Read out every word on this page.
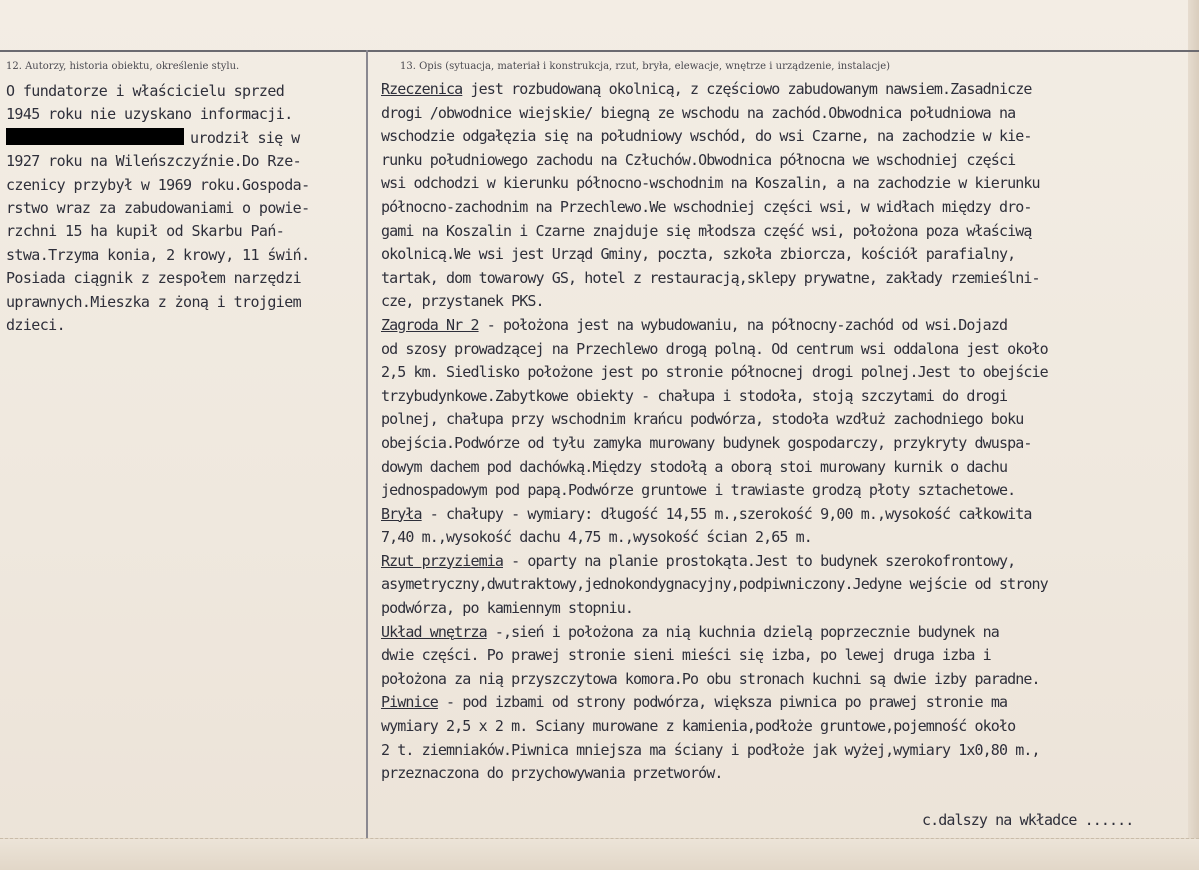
12. Autorzy, historia obiektu, określenie stylu.	13. Opis (sytuacja, materiał i konstrukcja, rzut, bryła, elewacje, wnętrze i urządzenie, instalacje)
O fundatorze i właścicielu sprzed
1945 roku nie uzyskano informacji.
urodził się w
1927 roku na Wileńszczyźnie.Do Rze-
czenicy przybył w 1969 roku.Gospoda-
rstwo wraz za zabudowaniami o powie-
rzchni 15 ha kupił od Skarbu Pań-
stwa.Trzyma konia, 2 krowy, 11 świń.
Posiada ciągnik z zespołem narzędzi
uprawnych.Mieszka z żoną i trojgiem
dzieci.
Rzeczenica jest rozbudowaną okolnicą, z częściowo zabudowanym nawsiem.Zasadnicze
drogi /obwodnice wiejskie/ biegną ze wschodu na zachód.Obwodnica południowa na
wschodzie odgałęzia się na południowy wschód, do wsi Czarne, na zachodzie w kie-
runku południowego zachodu na Człuchów.Obwodnica północna we wschodniej części
wsi odchodzi w kierunku północno-wschodnim na Koszalin, a na zachodzie w kierunku
północno-zachodnim na Przechlewo.We wschodniej części wsi, w widłach między dro-
gami na Koszalin i Czarne znajduje się młodsza część wsi, położona poza właściwą
okolnicą.We wsi jest Urząd Gminy, poczta, szkoła zbiorcza, kościół parafialny,
tartak, dom towarowy GS, hotel z restauracją,sklepy prywatne, zakłady rzemieślni-
cze, przystanek PKS.
Zagroda Nr 2 - położona jest na wybudowaniu, na północny-zachód od wsi.Dojazd
od szosy prowadzącej na Przechlewo drogą polną. Od centrum wsi oddalona jest około
2,5 km. Siedlisko położone jest po stronie północnej drogi polnej.Jest to obejście
trzybudynkowe.Zabytkowe obiekty - chałupa i stodoła, stoją szczytami do drogi
polnej, chałupa przy wschodnim krańcu podwórza, stodoła wzdłuż zachodniego boku
obejścia.Podwórze od tyłu zamyka murowany budynek gospodarczy, przykryty dwuspa-
dowym dachem pod dachówką.Między stodołą a oborą stoi murowany kurnik o dachu
jednospadowym pod papą.Podwórze gruntowe i trawiaste grodzą płoty sztachetowe.
Bryła - chałupy - wymiary: długość 14,55 m.,szerokość 9,00 m.,wysokość całkowita
7,40 m.,wysokość dachu 4,75 m.,wysokość ścian 2,65 m.
Rzut przyziemia - oparty na planie prostokąta.Jest to budynek szerokofrontowy,
asymetryczny,dwutraktowy,jednokondygnacyjny,podpiwniczony.Jedyne wejście od strony
podwórza, po kamiennym stopniu.
Układ wnętrza -,sień i położona za nią kuchnia dzielą poprzecznie budynek na
dwie części. Po prawej stronie sieni mieści się izba, po lewej druga izba i
położona za nią przyszczytowa komora.Po obu stronach kuchni są dwie izby paradne.
Piwnice - pod izbami od strony podwórza, większa piwnica po prawej stronie ma
wymiary 2,5 x 2 m. Sciany murowane z kamienia,podłoże gruntowe,pojemność około
2 t. ziemniaków.Piwnica mniejsza ma ściany i podłoże jak wyżej,wymiary 1x0,80 m.,
przeznaczona do przychowywania przetworów.
c.dalszy na wkładce ......
